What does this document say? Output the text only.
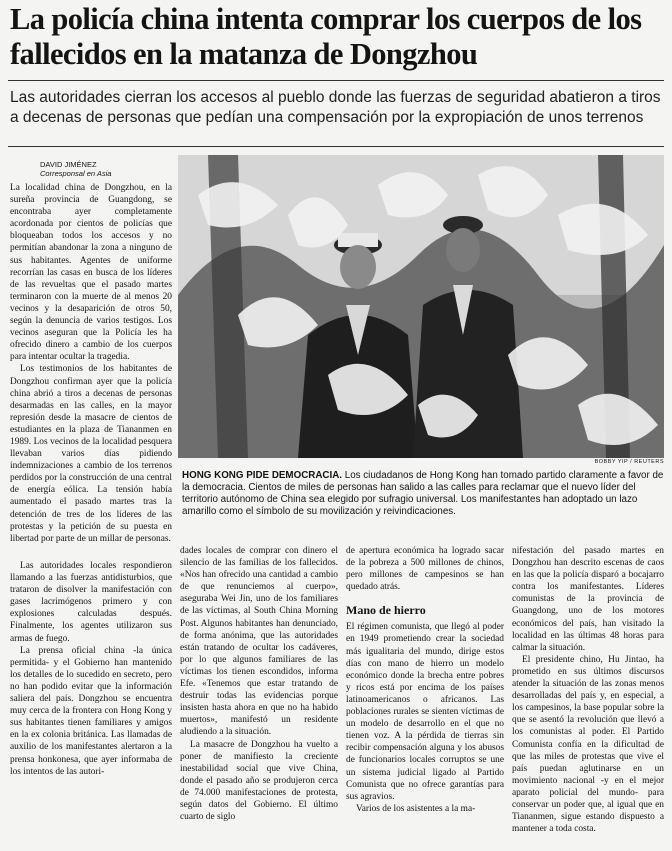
La policía china intenta comprar los cuerpos de los fallecidos en la matanza de Dongzhou

Las autoridades cierran los accesos al pueblo donde las fuerzas de seguridad abatieron a tiros a decenas de personas que pedían una compensación por la expropiación de unos terrenos

DAVID JIMÉNEZ
Corresponsal en Asia

La localidad china de Dongzhou, en la sureña provincia de Guangdong, se encontraba ayer completamente acordonada por cientos de policías que bloqueaban todos los accesos y no permitían abandonar la zona a ninguno de sus habitantes. Agentes de uniforme recorrían las casas en busca de los líderes de las revueltas que el pasado martes terminaron con la muerte de al menos 20 vecinos y la desaparición de otros 50, según la denuncia de varios testigos. Los vecinos aseguran que la Policía les ha ofrecido dinero a cambio de los cuerpos para intentar ocultar la tragedia.

Los testimonios de los habitantes de Dongzhou confirman ayer que la policía china abrió a tiros a decenas de personas desarmadas en las calles, en la mayor represión desde la masacre de cientos de estudiantes en la plaza de Tiananmen en 1989. Los vecinos de la localidad pesquera llevaban varios días pidiendo indemnizaciones a cambio de los terrenos perdidos por la construcción de una central de energía eólica. La tensión había aumentado el pasado martes tras la detención de tres de los líderes de las protestas y la petición de su puesta en libertad por parte de un millar de personas.

BOBBY YIP / REUTERS

HONG KONG PIDE DEMOCRACIA. Los ciudadanos de Hong Kong han tomado partido claramente a favor de la democracia. Cientos de miles de personas han salido a las calles para reclamar que el nuevo líder del territorio autónomo de China sea elegido por sufragio universal. Los manifestantes han adoptado un lazo amarillo como el símbolo de su movilización y reivindicaciones.

Las autoridades locales respondieron llamando a las fuerzas antidisturbios, que trataron de disolver la manifestación con gases lacrimógenos primero y con explosiones calculadas después. Finalmente, los agentes utilizaron sus armas de fuego.

La prensa oficial china -la única permitida- y el Gobierno han mantenido los detalles de lo sucedido en secreto, pero no han podido evitar que la información saliera del país. Dongzhou se encuentra muy cerca de la frontera con Hong Kong y sus habitantes tienen familiares y amigos en la ex colonia británica. Las llamadas de auxilio de los manifestantes alertaron a la prensa honkonesa, que ayer informaba de los intentos de las autori-

dades locales de comprar con dinero el silencio de las familias de los fallecidos. «Nos han ofrecido una cantidad a cambio de que renunciemos al cuerpo», aseguraba Wei Jin, uno de los familiares de las víctimas, al South China Morning Post. Algunos habitantes han denunciado, de forma anónima, que las autoridades están tratando de ocultar los cadáveres, por lo que algunos familiares de las víctimas los tienen escondidos, informa Efe. «Tenemos que estar tratando de destruir todas las evidencias porque insisten hasta ahora en que no ha habido muertos», manifestó un residente aludiendo a la situación.

La masacre de Dongzhou ha vuelto a poner de manifiesto la creciente inestabilidad social que vive China, donde el pasado año se produjeron cerca de 74.000 manifestaciones de protesta, según datos del Gobierno. El último cuarto de siglo

de apertura económica ha logrado sacar de la pobreza a 500 millones de chinos, pero millones de campesinos se han quedado atrás.

Mano de hierro

El régimen comunista, que llegó al poder en 1949 prometiendo crear la sociedad más igualitaria del mundo, dirige estos días con mano de hierro un modelo económico donde la brecha entre pobres y ricos está por encima de los países latinoamericanos o africanos. Las poblaciones rurales se sienten víctimas de un modelo de desarrollo en el que no tienen voz. A la pérdida de tierras sin recibir compensación alguna y los abusos de funcionarios locales corruptos se une un sistema judicial ligado al Partido Comunista que no ofrece garantías para sus agravios.

Varios de los asistentes a la ma-

nifestación del pasado martes en Dongzhou han descrito escenas de caos en las que la policía disparó a bocajarro contra los manifestantes. Líderes comunistas de la provincia de Guangdong, uno de los motores económicos del país, han visitado la localidad en las últimas 48 horas para calmar la situación.

El presidente chino, Hu Jintao, ha prometido en sus últimos discursos atender la situación de las zonas menos desarrolladas del país y, en especial, a los campesinos, la base popular sobre la que se asentó la revolución que llevó a los comunistas al poder. El Partido Comunista confía en la dificultad de que las miles de protestas que vive el país puedan aglutinarse en un movimiento nacional -y en el mejor aparato policial del mundo- para conservar un poder que, al igual que en Tiananmen, sigue estando dispuesto a mantener a toda costa.
